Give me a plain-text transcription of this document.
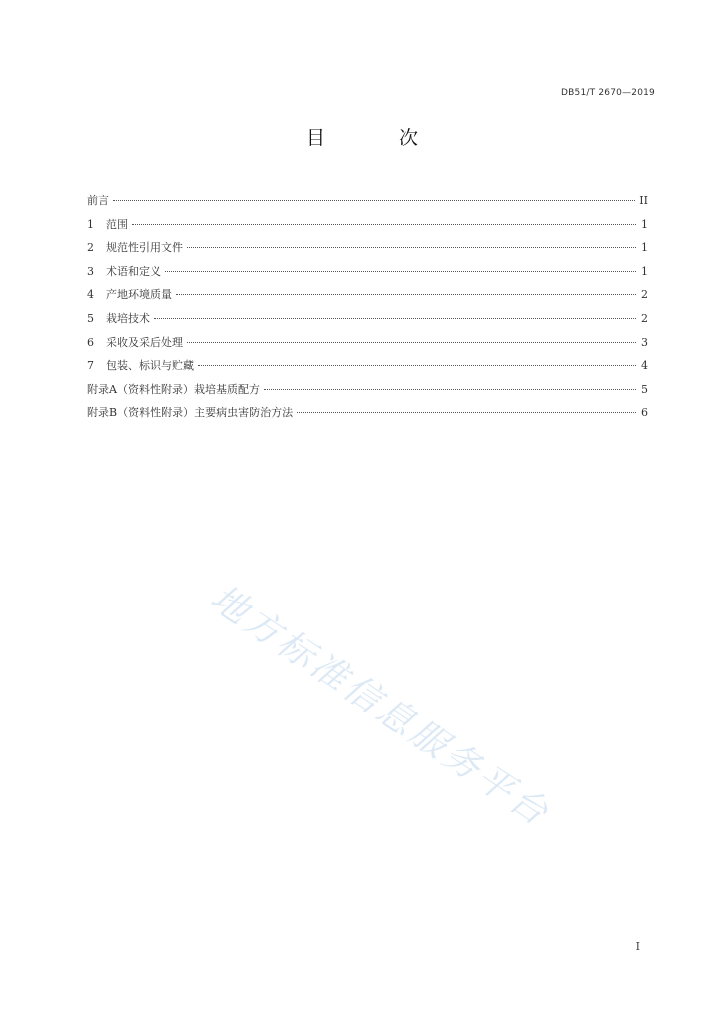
DB51/T 2670—2019
目 次
前言	II
1	范围	1
2	规范性引用文件	1
3	术语和定义	1
4	产地环境质量	2
5	栽培技术	2
6	采收及采后处理	3
7	包装、标识与贮藏	4
附录A（资料性附录）栽培基质配方	5
附录B（资料性附录）主要病虫害防治方法	6
地方标准信息服务平台
I
